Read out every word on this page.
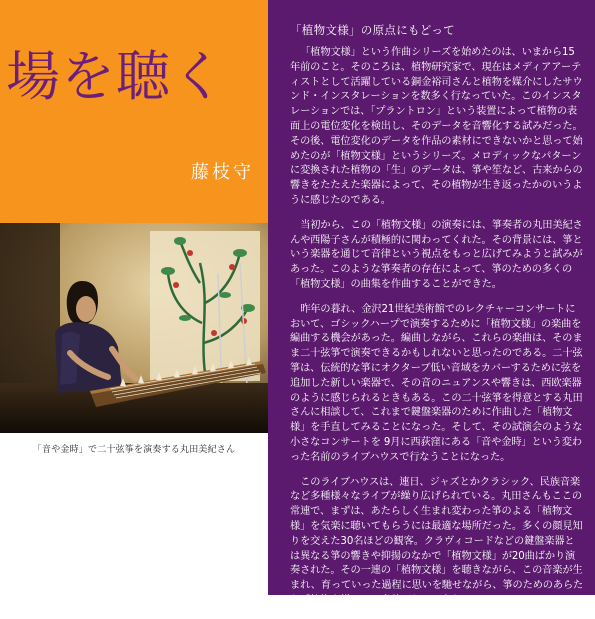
場を聴く
藤枝守
「音や金時」で二十弦筝を演奏する丸田美紀さん
「植物文様」の原点にもどって

「植物文様」という作曲シリーズを始めたのは、いまから15年前のこと。そのころは、植物研究家で、現在はメディアアーティストとして活躍している銅金裕司さんと植物を媒介にしたサウンド・インスタレーションを数多く行なっていた。このインスタレーションでは、「プラントロン」という装置によって植物の表面上の電位変化を検出し、そのデータを音響化する試みだった。その後、電位変化のデータを作品の素材にできないかと思って始めたのが「植物文様」というシリーズ。メロディックなパターンに変換された植物の「生」のデータは、箏や笙など、古来からの響きをたたえた楽器によって、その植物が生き返ったかのいうように感じたのである。

当初から、この「植物文様」の演奏には、箏奏者の丸田美紀さんや西陽子さんが積極的に関わってくれた。その背景には、箏という楽器を通じて音律という視点をもっと広げてみようと試みがあった。このような箏奏者の存在によって、箏のための多くの「植物文様」の曲集を作曲することができた。

昨年の暮れ、金沢21世紀美術館でのレクチャーコンサートにおいて、ゴシックハープで演奏するために「植物文様」の楽曲を編曲する機会があった。編曲しながら、これらの楽曲は、そのまま二十弦箏で演奏できるかもしれないと思ったのである。二十弦箏は、伝統的な箏にオクターブ低い音域をカバーするために弦を追加した新しい楽器で、その音のニュアンスや響きは、西欧楽器のように感じられるときもある。この二十弦箏を得意とする丸田さんに相談して、これまで鍵盤楽器のために作曲した「植物文様」を手直してみることになった。そして、その試演会のような小さなコンサートを 9月に西荻窪にある「音や金時」という変わった名前のライブハウスで行なうことになった。

このライブハウスは、連日、ジャズとかクラシック、民族音楽など多種様々なライブが繰り広げられている。丸田さんもここの常連で、まずは、あたらしく生まれ変わった箏のよる「植物文様」を気楽に聴いてもらうには最適な場所だった。多くの顔見知りを交えた30名ほどの観客。クラヴィコードなどの鍵盤楽器とは異なる箏の響きや抑揚のなかで「植物文様」が20曲ばかり演奏された。その一連の「植物文様」を聴きながら、この音楽が生まれ、育っていった過程に思いを馳せながら、箏のためのあらたな「植物文様」への意欲がわいてきた。
